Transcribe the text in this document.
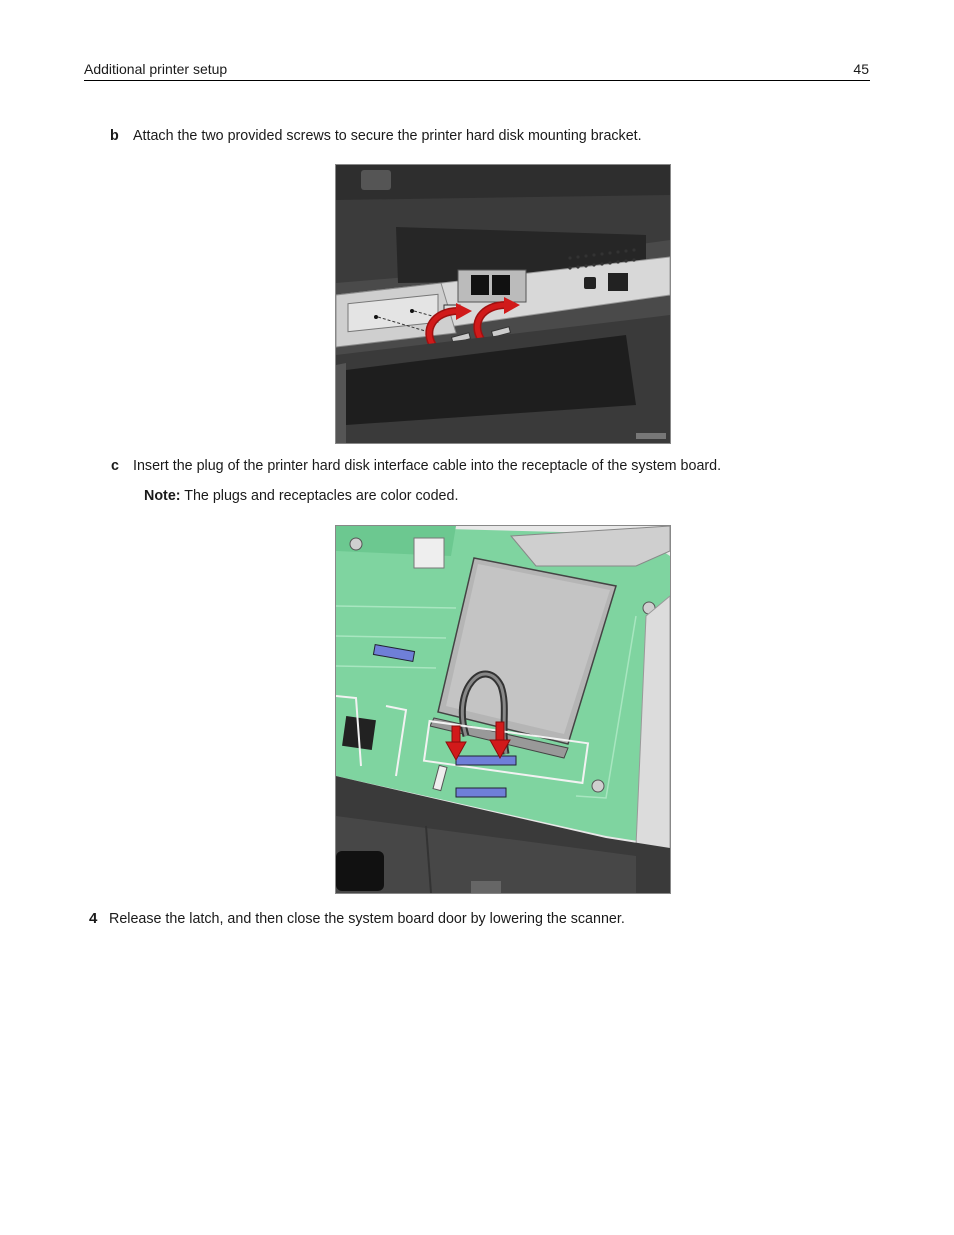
Additional printer setup	45
b Attach the two provided screws to secure the printer hard disk mounting bracket.
c Insert the plug of the printer hard disk interface cable into the receptacle of the system board.
Note: The plugs and receptacles are color coded.
4 Release the latch, and then close the system board door by lowering the scanner.
